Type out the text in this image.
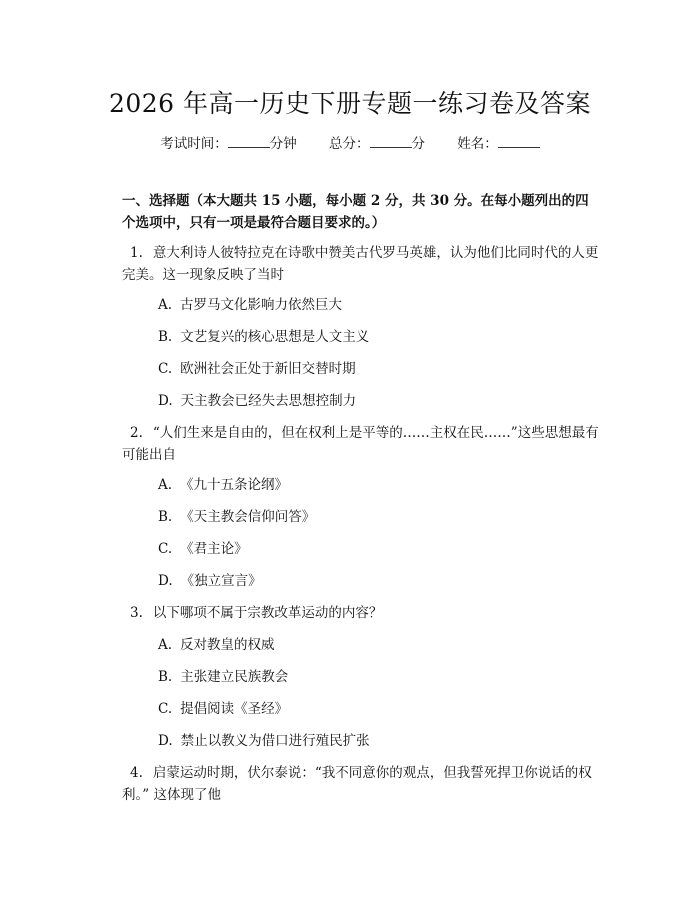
2026 年高一历史下册专题一练习卷及答案
考试时间：	分钟 总分：	分 姓名：
一、选择题（本大题共 15 小题，每小题 2 分，共 30 分。在每小题列出的四个选项中，只有一项是最符合题目要求的。）
1. 意大利诗人彼特拉克在诗歌中赞美古代罗马英雄，认为他们比同时代的人更完美。这一现象反映了当时
A. 古罗马文化影响力依然巨大
B. 文艺复兴的核心思想是人文主义
C. 欧洲社会正处于新旧交替时期
D. 天主教会已经失去思想控制力
2. “人们生来是自由的，但在权利上是平等的……主权在民……”这些思想最有可能出自
A. 《九十五条论纲》
B. 《天主教会信仰问答》
C. 《君主论》
D. 《独立宣言》
3. 以下哪项不属于宗教改革运动的内容？
A. 反对教皇的权威
B. 主张建立民族教会
C. 提倡阅读《圣经》
D. 禁止以教义为借口进行殖民扩张
4. 启蒙运动时期，伏尔泰说：“我不同意你的观点，但我誓死捍卫你说话的权利。” 这体现了他
